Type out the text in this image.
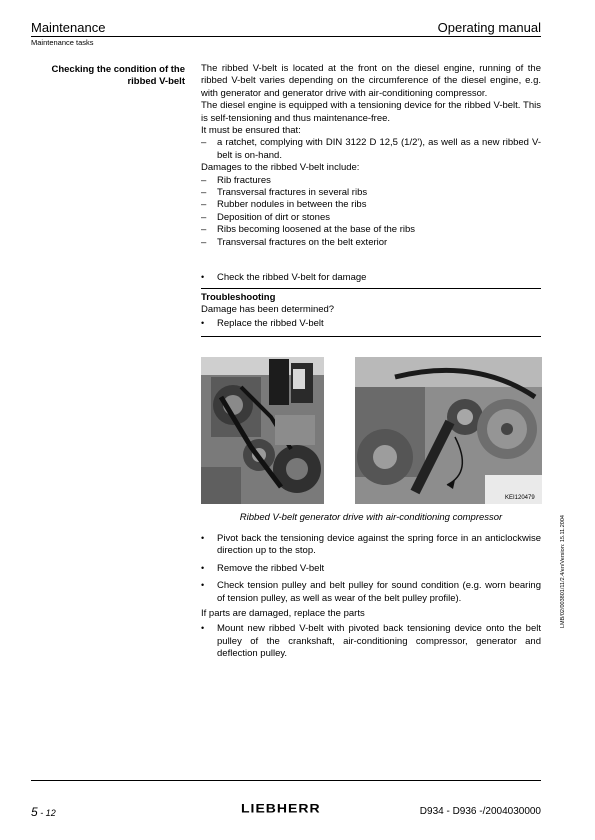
Maintenance	Operating manual
Maintenance tasks
Checking the condition of the ribbed V-belt
The ribbed V-belt is located at the front on the diesel engine, running of the ribbed V-belt varies depending on the circumference of the diesel engine, e.g. with generator and generator drive with air-conditioning compressor.
The diesel engine is equipped with a tensioning device for the ribbed V-belt. This is self-tensioning and thus maintenance-free.
It must be ensured that:
– a ratchet, complying with DIN 3122 D 12,5 (1/2'), as well as a new ribbed V-belt is on-hand.
Damages to the ribbed V-belt include:
– Rib fractures
– Transversal fractures in several ribs
– Rubber nodules in between the ribs
– Deposition of dirt or stones
– Ribs becoming loosened at the base of the ribs
– Transversal fractures on the belt exterior
• Check the ribbed V-belt for damage
Troubleshooting
Damage has been determined?
• Replace the ribbed V-belt
KEI120479
Ribbed V-belt generator drive with air-conditioning compressor
• Pivot back the tensioning device against the spring force in an anticlockwise direction up to the stop.
• Remove the ribbed V-belt
• Check tension pulley and belt pulley for sound condition (e.g. worn bearing of tension pulley, as well as wear of the belt pulley profile).
If parts are damaged, replace the parts
• Mount new ribbed V-belt with pivoted back tensioning device onto the belt pulley of the crankshaft, air-conditioning compressor, generator and deflection pulley.
LMB/02/003801/11/2.4/en/Version: 15.11.2004
5 - 12	LIEBHERR	D934 - D936 -/2004030000
